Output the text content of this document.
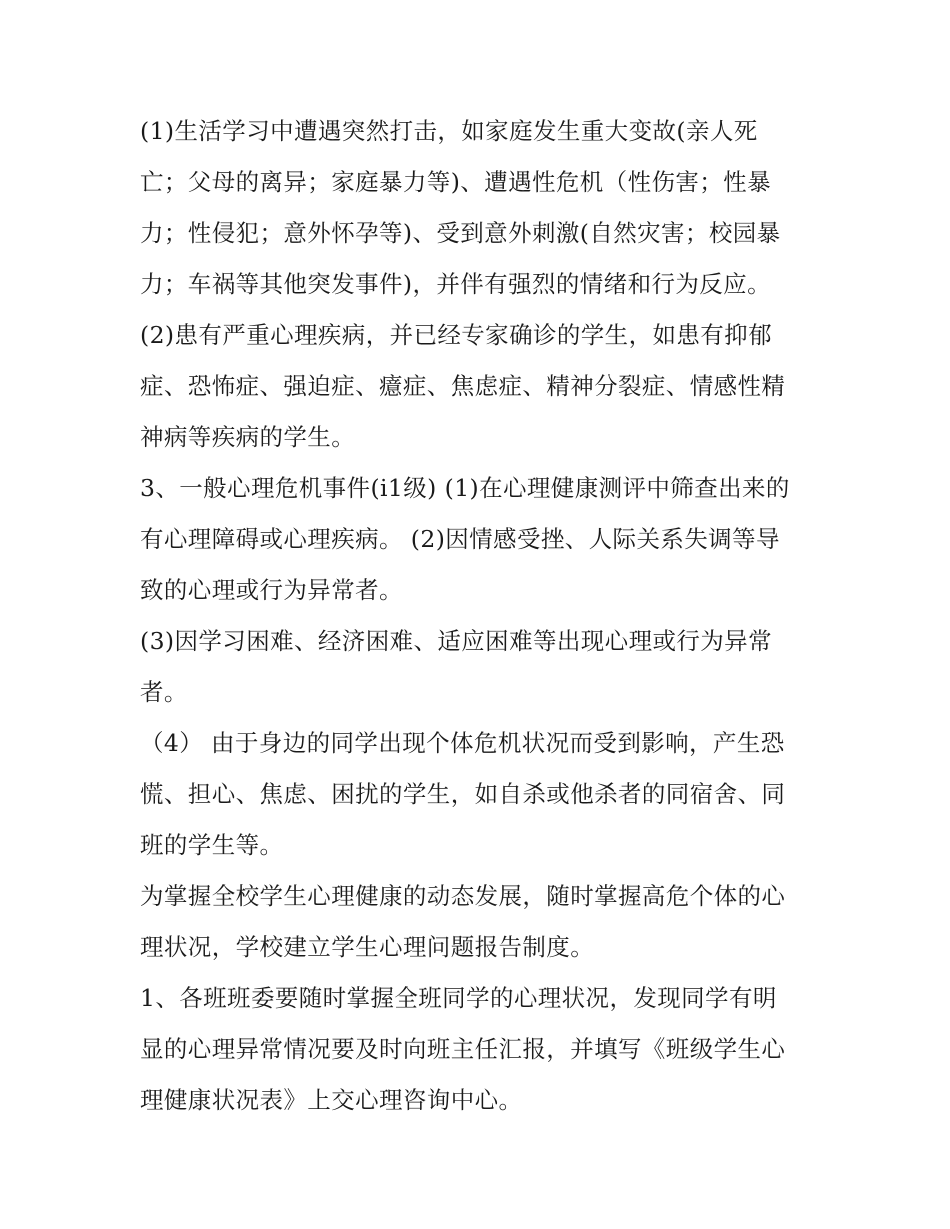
(1)生活学习中遭遇突然打击，如家庭发生重大变故(亲人死
亡；父母的离异；家庭暴力等)、遭遇性危机（性伤害；性暴
力；性侵犯；意外怀孕等)、受到意外刺激(自然灾害；校园暴
力；车祸等其他突发事件)，并伴有强烈的情绪和行为反应。
(2)患有严重心理疾病，并已经专家确诊的学生，如患有抑郁
症、恐怖症、强迫症、癔症、焦虑症、精神分裂症、情感性精
神病等疾病的学生。
3、一般心理危机事件(i1级) (1)在心理健康测评中筛查出来的
有心理障碍或心理疾病。 (2)因情感受挫、人际关系失调等导
致的心理或行为异常者。
(3)因学习困难、经济困难、适应困难等出现心理或行为异常
者。
（4） 由于身边的同学出现个体危机状况而受到影响，产生恐
慌、担心、焦虑、困扰的学生，如自杀或他杀者的同宿舍、同
班的学生等。
为掌握全校学生心理健康的动态发展，随时掌握高危个体的心
理状况，学校建立学生心理问题报告制度。
1、各班班委要随时掌握全班同学的心理状况，发现同学有明
显的心理异常情况要及时向班主任汇报，并填写《班级学生心
理健康状况表》上交心理咨询中心。
